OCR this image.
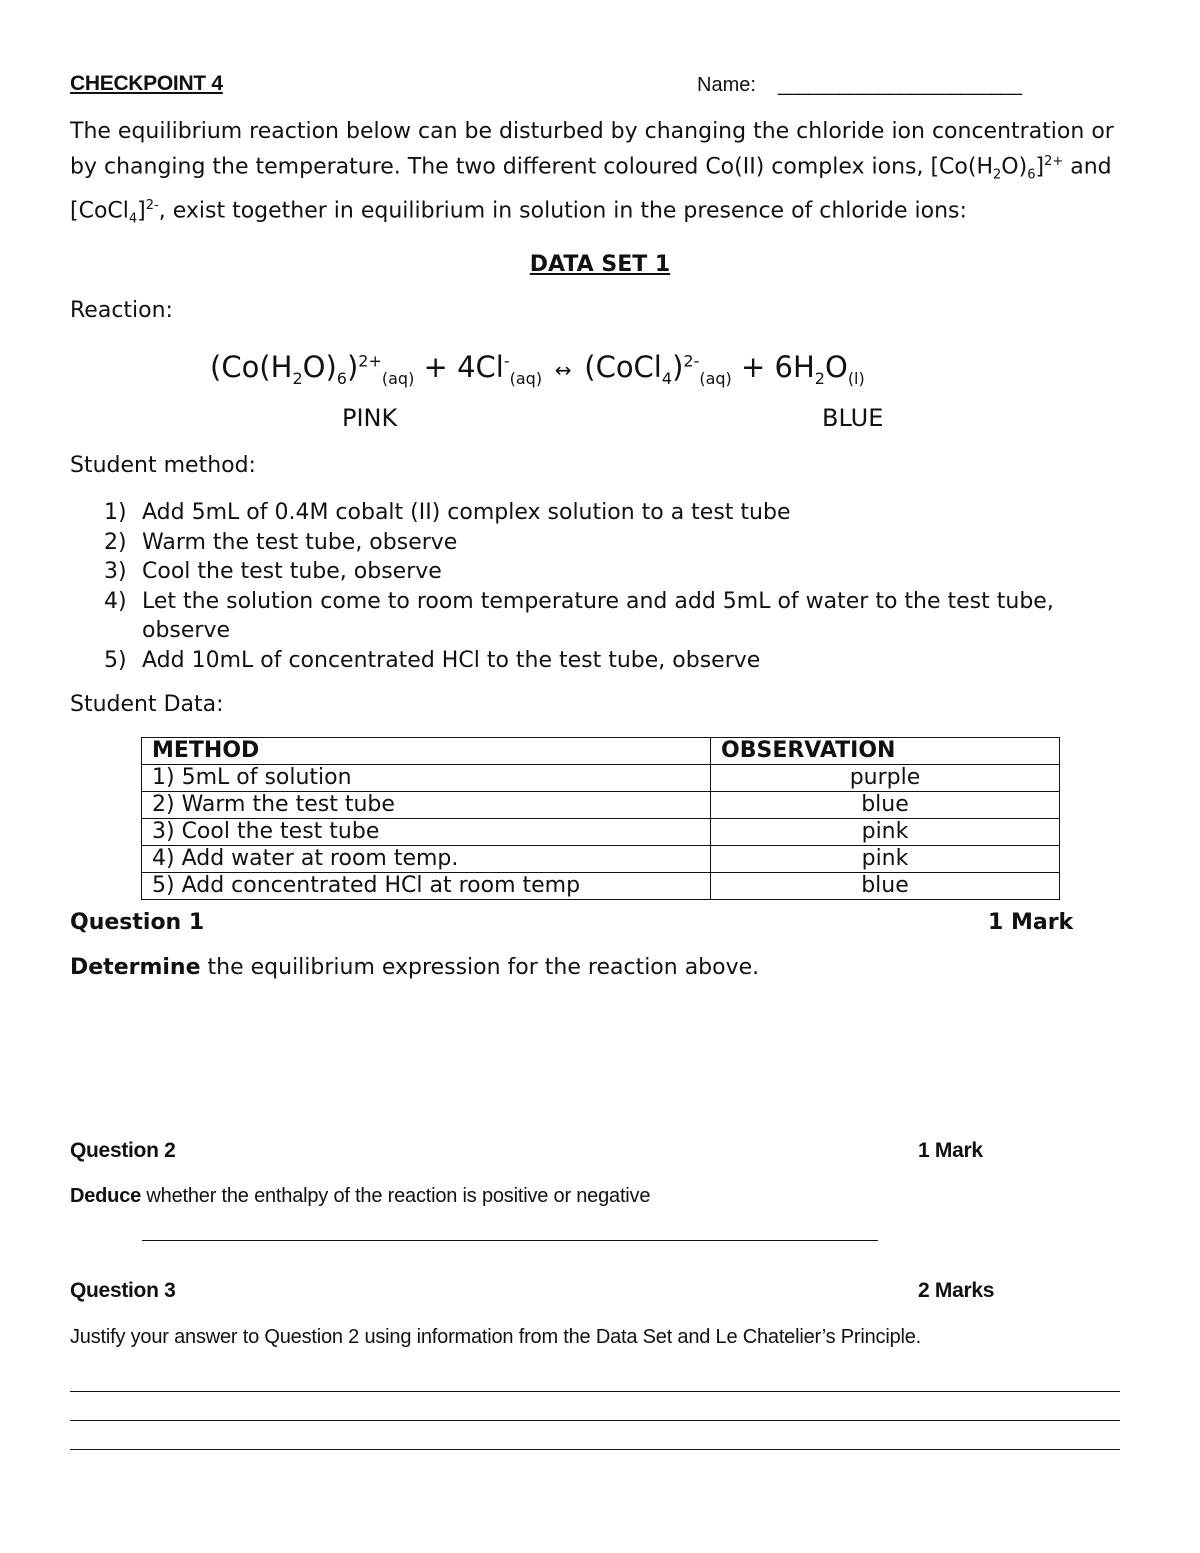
CHECKPOINT 4	Name: ________________________
The equilibrium reaction below can be disturbed by changing the chloride ion concentration or by changing the temperature. The two different coloured Co(II) complex ions, $[Co(H_2O)_6]^{2+}$ and [CoCl$_4$]$^{2-}$, exist together in equilibrium in solution in the presence of chloride ions:
DATA SET 1
Reaction:
$(Co(H_2O)_6)^{2+}_{(aq)} + 4Cl^-_{(aq)}$  ↔  (CoCl$_4$)$^{2-}_{(aq)}$ + $6H_2O_{(l)}$
PINK	BLUE
Student method:
1) Add 5mL of 0.4M cobalt (II) complex solution to a test tube
2) Warm the test tube, observe
3) Cool the test tube, observe
4) Let the solution come to room temperature and add 5mL of water to the test tube, observe
5) Add 10mL of concentrated HCl to the test tube, observe
Student Data:
METHOD	OBSERVATION
1) 5mL of solution	purple
2) Warm the test tube	blue
3) Cool the test tube	pink
4) Add water at room temp.	pink
5) Add concentrated HCl at room temp	blue
Question 1	1 Mark
Determine the equilibrium expression for the reaction above.
Question 2	1 Mark
Deduce whether the enthalpy of the reaction is positive or negative
Question 3	2 Marks
Justify your answer to Question 2 using information from the Data Set and Le Chatelier’s Principle.
